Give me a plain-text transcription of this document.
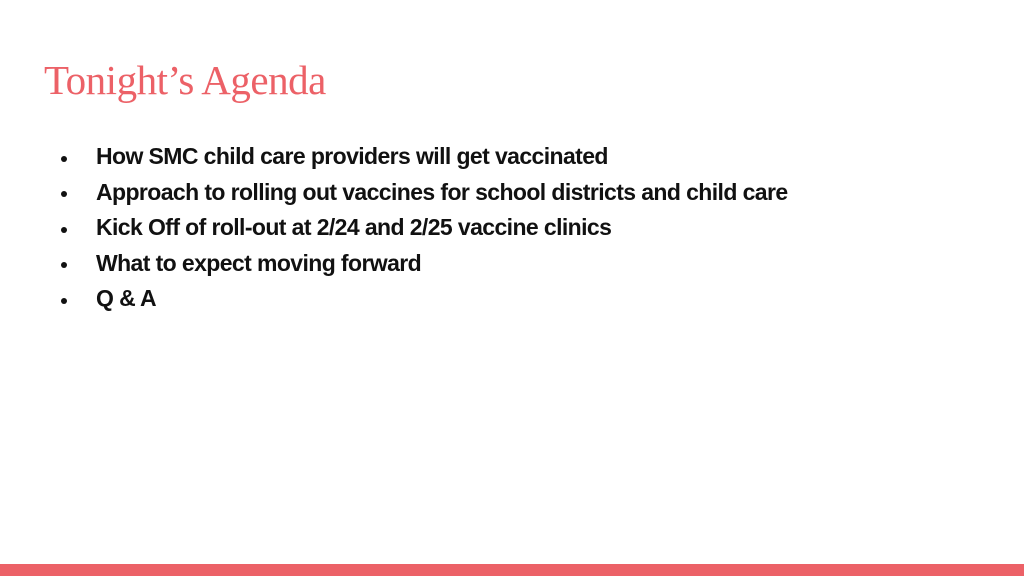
Tonight’s Agenda
How SMC child care providers will get vaccinated
Approach to rolling out vaccines for school districts and child care
Kick Off of roll-out at 2/24 and 2/25 vaccine clinics
What to expect moving forward
Q & A
